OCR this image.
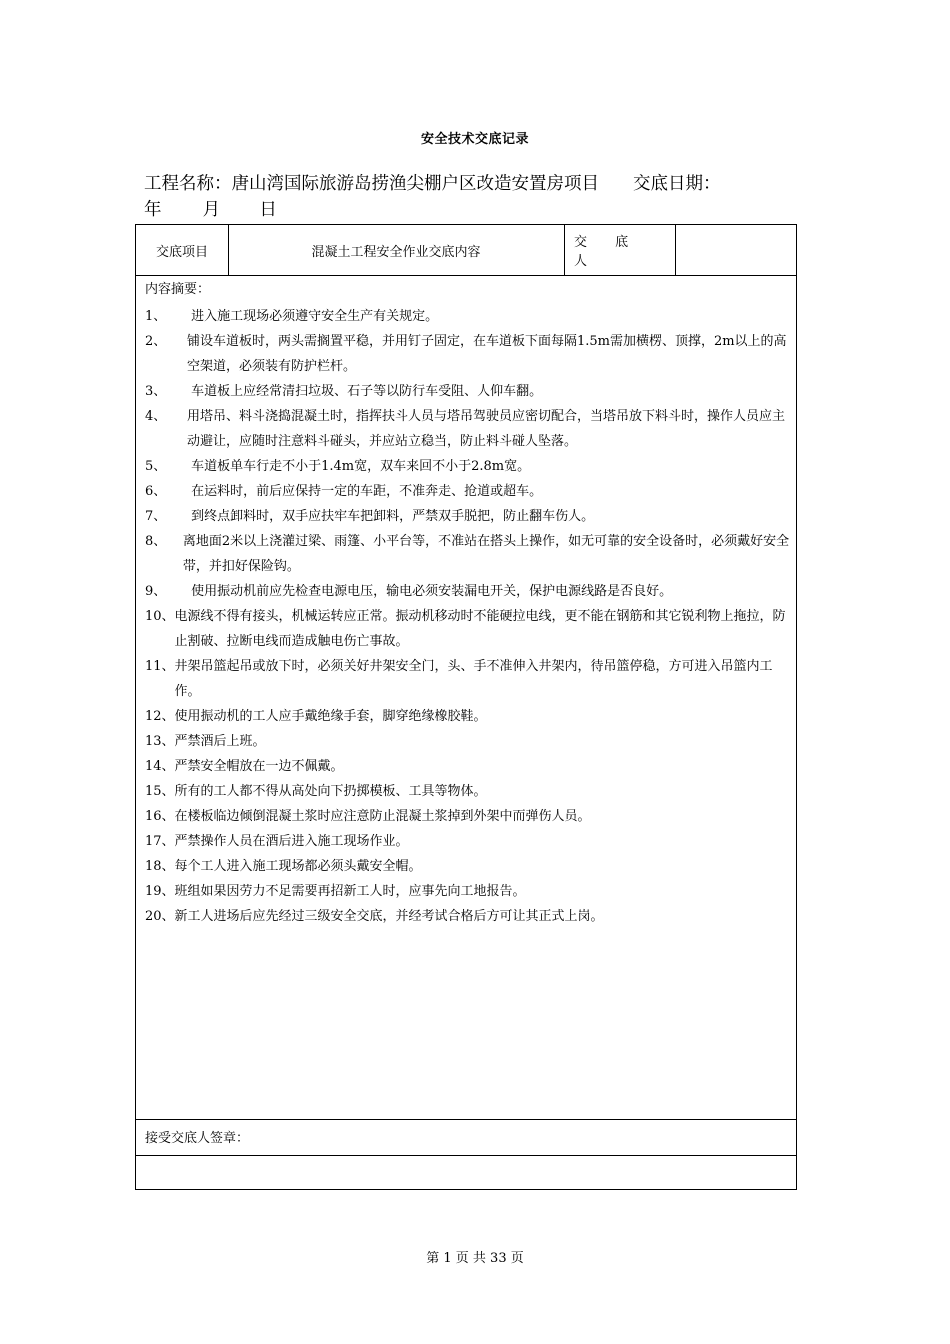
安全技术交底记录
工程名称：唐山湾国际旅游岛捞渔尖棚户区改造安置房项目 交底日期：
年 月 日
交底项目	混凝土工程安全作业交底内容
交 底 人
内容摘要：
1、 进入施工现场必须遵守安全生产有关规定。
2、 铺设车道板时，两头需搁置平稳，并用钉子固定，在车道板下面每隔1.5m需加横楞、顶撑，2m以上的高空架道，必须装有防护栏杆。
3、 车道板上应经常清扫垃圾、石子等以防行车受阻、人仰车翻。
4、 用塔吊、料斗浇捣混凝土时，指挥扶斗人员与塔吊驾驶员应密切配合，当塔吊放下料斗时，操作人员应主动避让，应随时注意料斗碰头，并应站立稳当，防止料斗碰人坠落。
5、 车道板单车行走不小于1.4m宽，双车来回不小于2.8m宽。
6、 在运料时，前后应保持一定的车距，不准奔走、抢道或超车。
7、 到终点卸料时，双手应扶牢车把卸料，严禁双手脱把，防止翻车伤人。
8、 离地面2米以上浇灌过梁、雨篷、小平台等，不准站在搭头上操作，如无可靠的安全设备时，必须戴好安全带，并扣好保险钩。
9、 使用振动机前应先检查电源电压，输电必须安装漏电开关，保护电源线路是否良好。
10、 电源线不得有接头，机械运转应正常。振动机移动时不能硬拉电线，更不能在钢筋和其它锐利物上拖拉，防止割破、拉断电线而造成触电伤亡事故。
11、 井架吊篮起吊或放下时，必须关好井架安全门，头、手不准伸入井架内，待吊篮停稳，方可进入吊篮内工作。
12、 使用振动机的工人应手戴绝缘手套，脚穿绝缘橡胶鞋。
13、 严禁酒后上班。
14、 严禁安全帽放在一边不佩戴。
15、 所有的工人都不得从高处向下扔掷模板、工具等物体。
16、 在楼板临边倾倒混凝土浆时应注意防止混凝土浆掉到外架中而弹伤人员。
17、 严禁操作人员在酒后进入施工现场作业。
18、 每个工人进入施工现场都必须头戴安全帽。
19、 班组如果因劳力不足需要再招新工人时，应事先向工地报告。
20、 新工人进场后应先经过三级安全交底，并经考试合格后方可让其正式上岗。
接受交底人签章：
第 1 页 共 33 页
